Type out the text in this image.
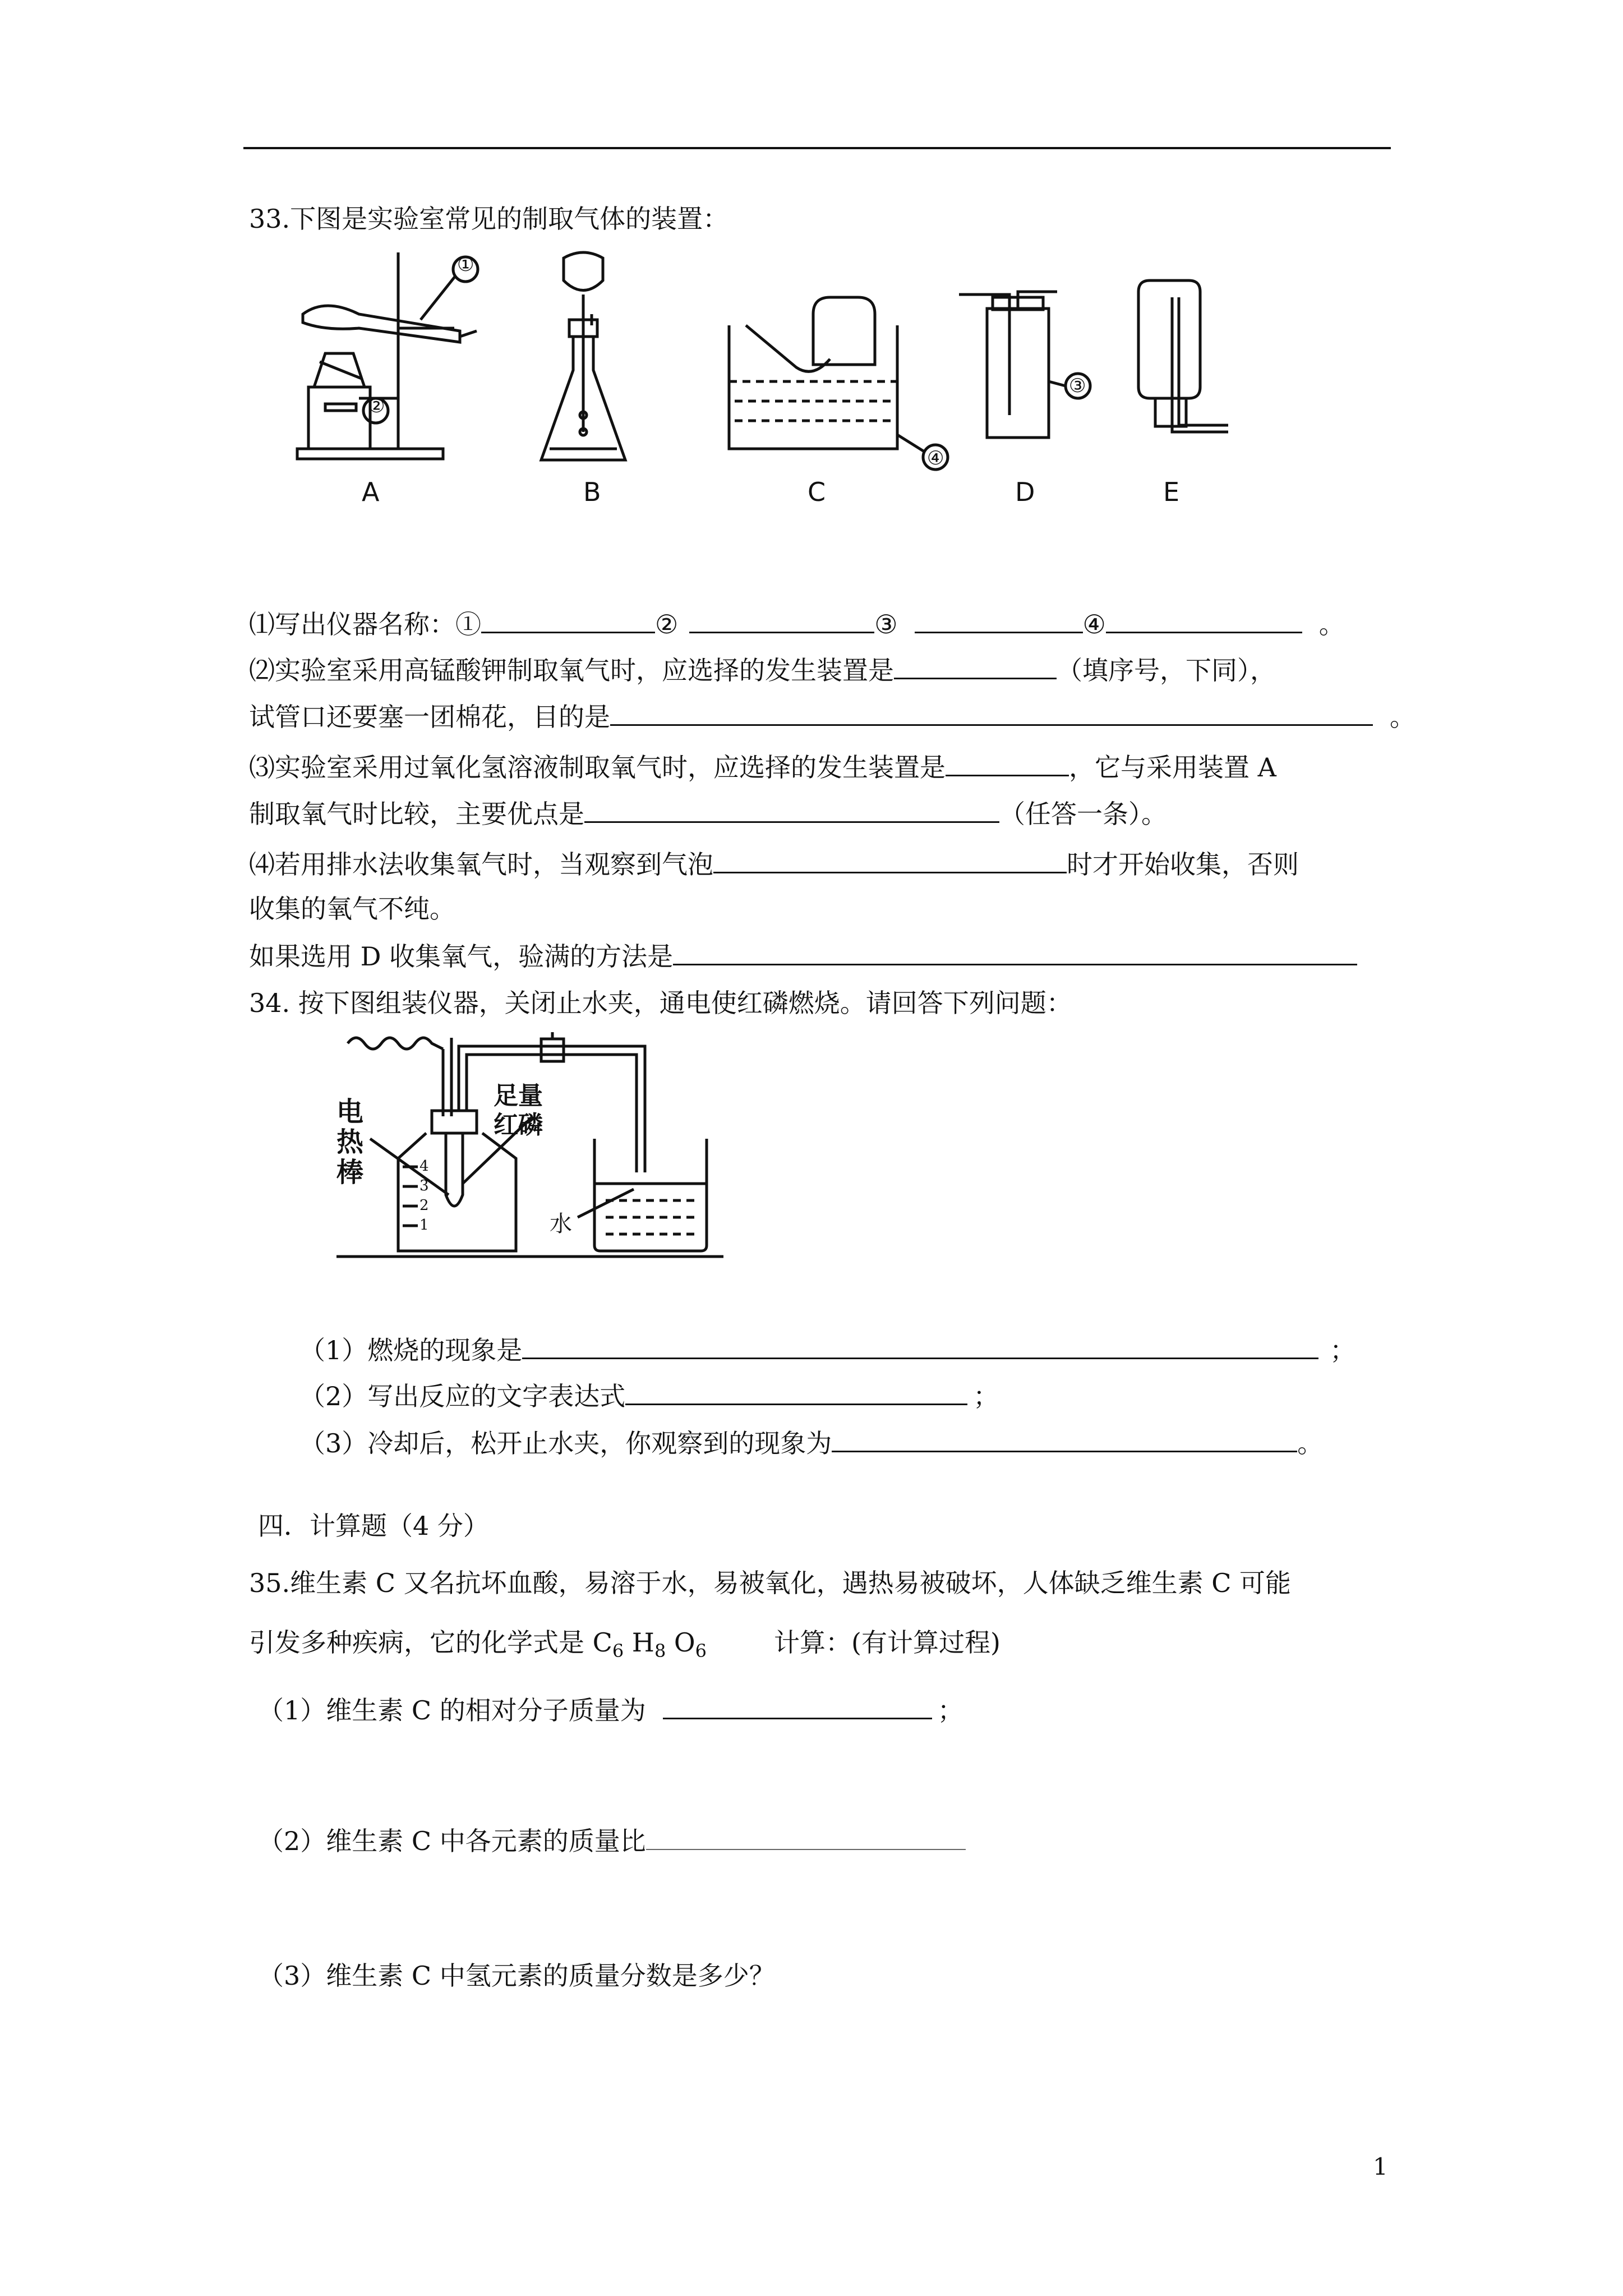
33.下图是实验室常见的制取气体的装置：
①
②
④
③
A	B	C	D	E
⑴写出仪器名称：①	②	③	④	。
⑵实验室采用高锰酸钾制取氧气时，应选择的发生装置是	（填序号，下同），
试管口还要塞一团棉花，目的是	。
⑶实验室采用过氧化氢溶液制取氧气时，应选择的发生装置是	，它与采用装置 A
制取氧气时比较，主要优点是	（任答一条）。
⑷若用排水法收集氧气时，当观察到气泡	时才开始收集，否则
收集的氧气不纯。
如果选用 D 收集氧气，验满的方法是
34. 按下图组装仪器，关闭止水夹，通电使红磷燃烧。请回答下列问题：
电
热
棒
足量
红磷
水
4
3
2
1
（1）燃烧的现象是	；
（2）写出反应的文字表达式	；
（3）冷却后，松开止水夹，你观察到的现象为	。
四．计算题（4 分）
35.维生素 C 又名抗坏血酸，易溶于水，易被氧化，遇热易被破坏，人体缺乏维生素 C 可能
引发多种疾病，它的化学式是 $C_6$ $H_8$ $O_6$	计算：(有计算过程)
（1）维生素 C 的相对分子质量为	；
（2）维生素 C 中各元素的质量比
（3）维生素 C 中氢元素的质量分数是多少？
1
